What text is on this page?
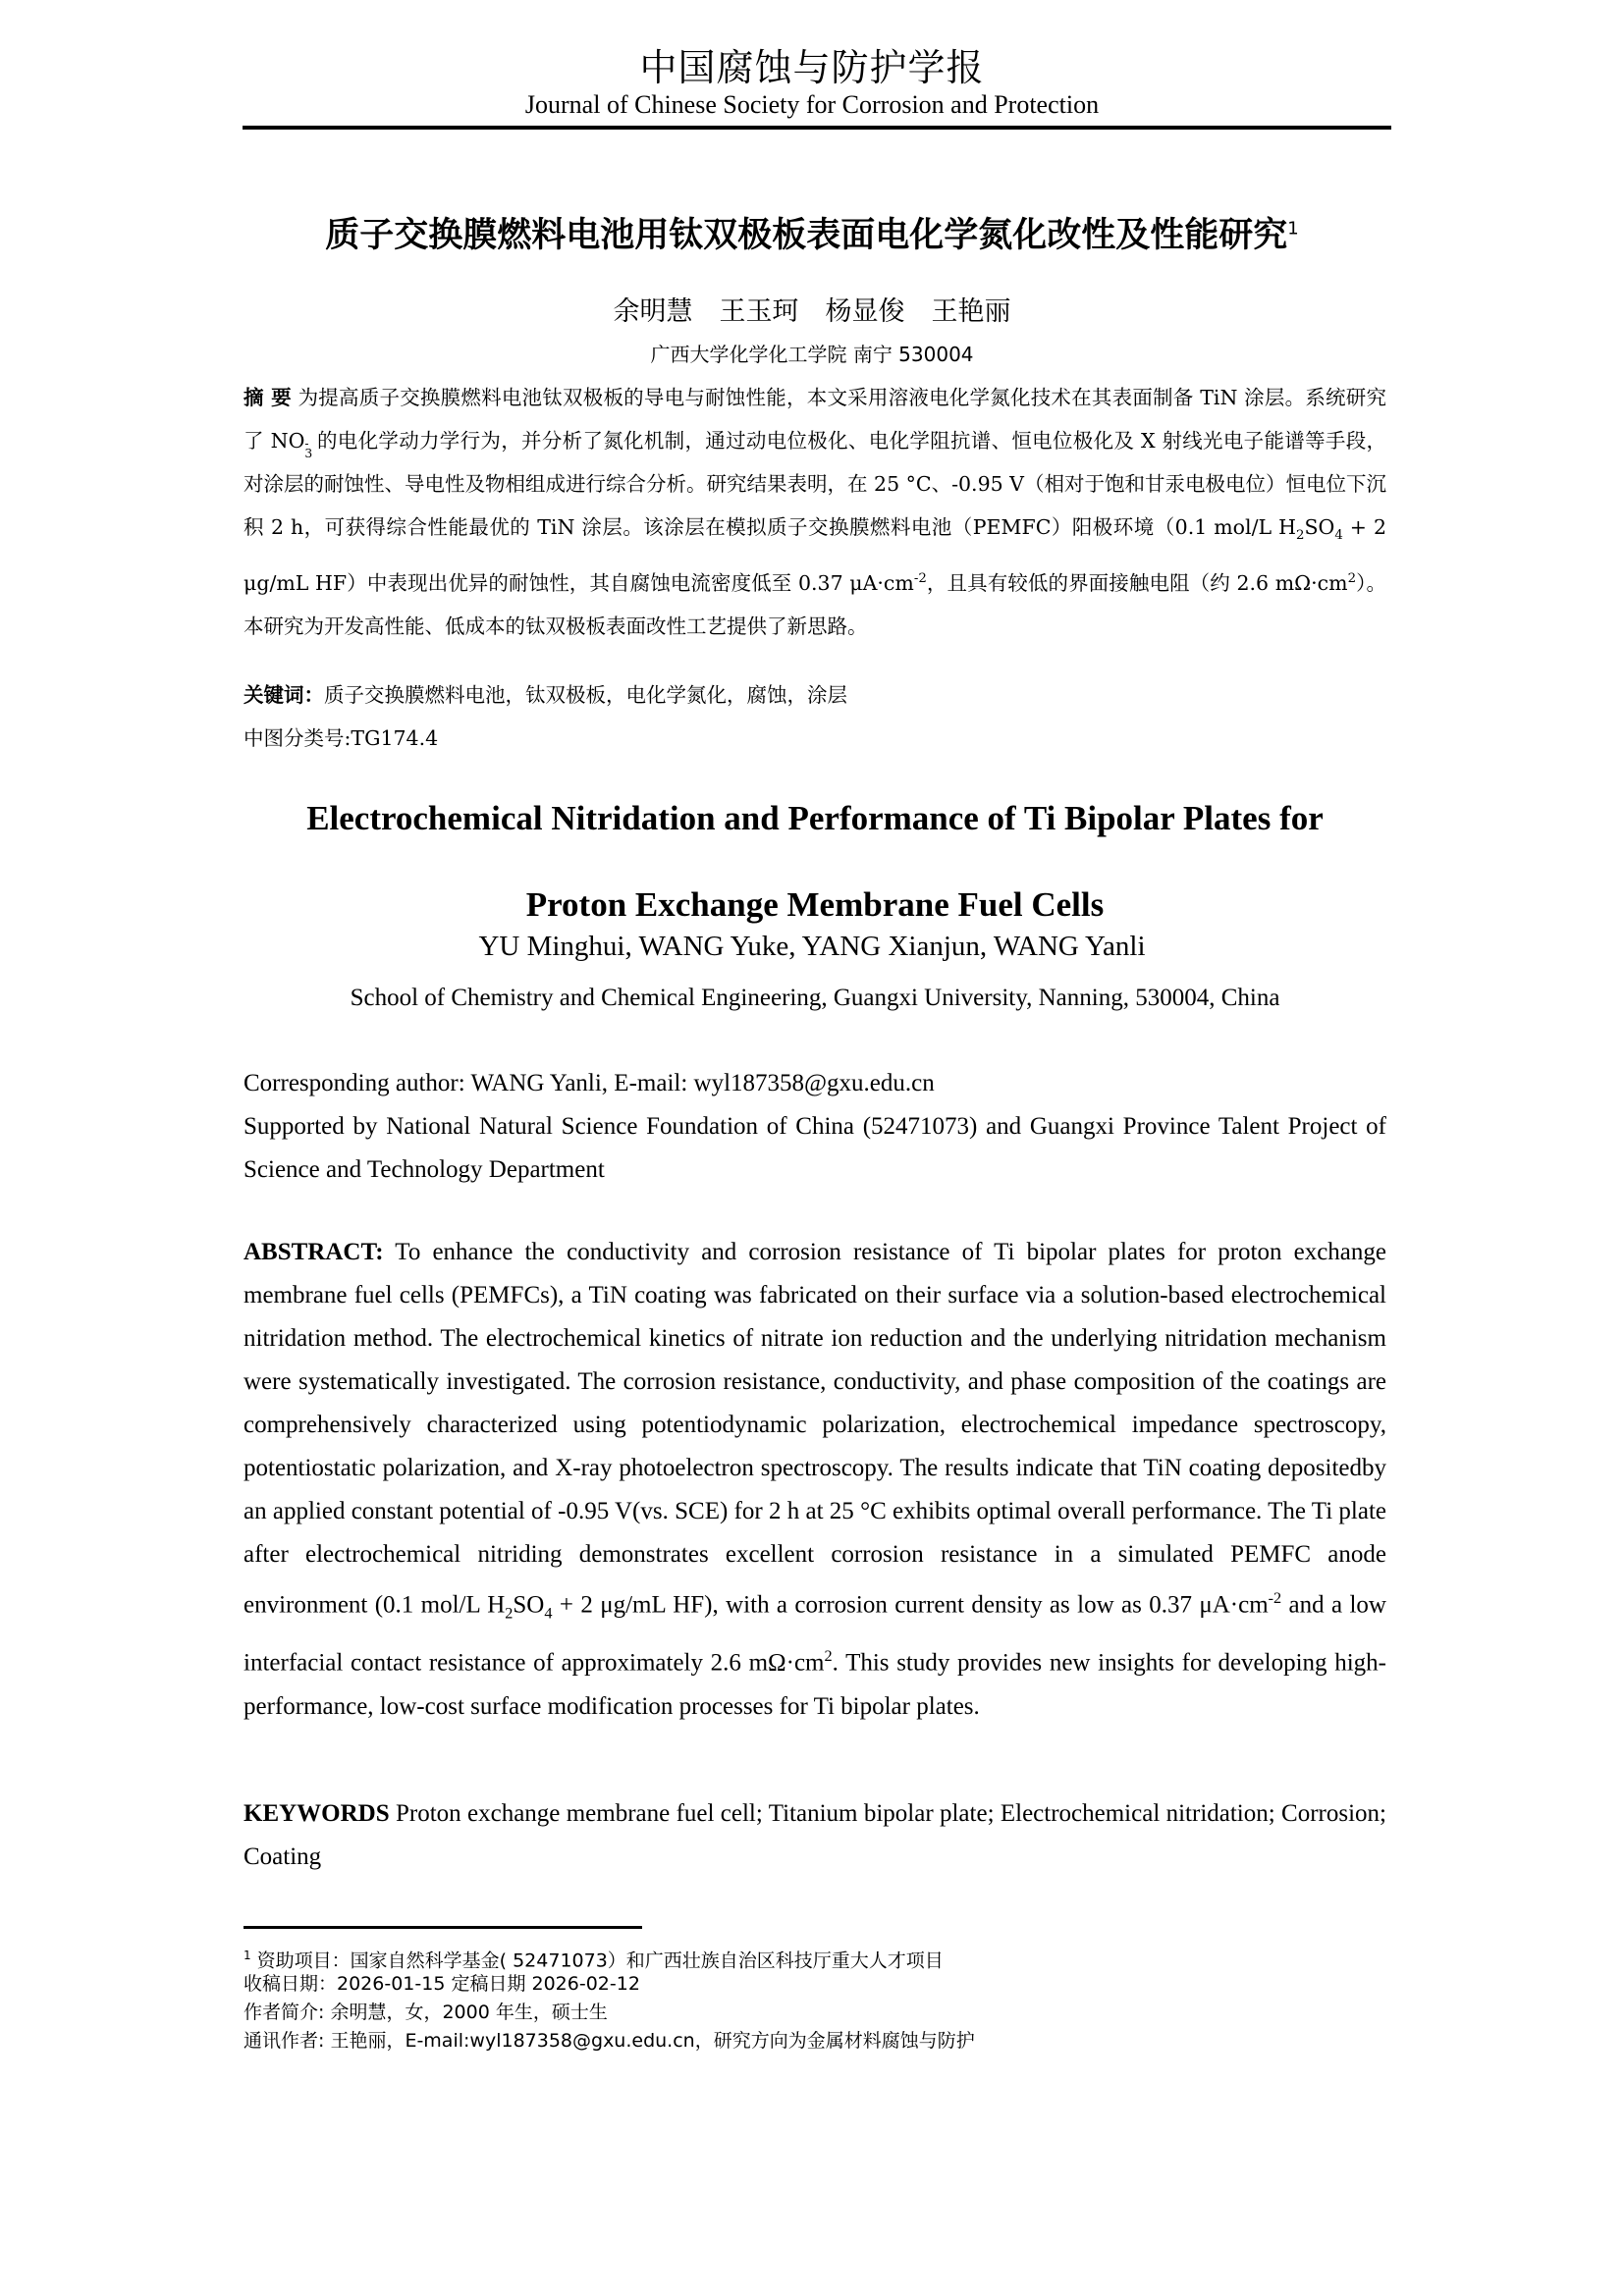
中国腐蚀与防护学报
Journal of Chinese Society for Corrosion and Protection
质子交换膜燃料电池用钛双极板表面电化学氮化改性及性能研究$^1$
余明慧　王玉珂　杨显俊　王艳丽
广西大学化学化工学院 南宁 530004
摘 要 为提高质子交换膜燃料电池钛双极板的导电与耐蚀性能，本文采用溶液电化学氮化技术在其表面制备 TiN 涂层。系统研究了 NO -
3
的电化学动力学行为，并分析了氮化机制，通过动电位极化、电化学阻抗谱、恒电位极化及 X 射线光电子能谱等手段，对涂层的耐蚀性、导电性及物相组成进行综合分析。研究结果表明，在 25 °C、-0.95 V（相对于饱和甘汞电极电位）恒电位下沉积 2 h，可获得综合性能最优的 TiN 涂层。该涂层在模拟质子交换膜燃料电池（PEMFC）阳极环境（0.1 mol/L $H_2SO_4 + 2$ μg/mL HF）中表现出优异的耐蚀性，其自腐蚀电流密度低至 0.37 $\mu A\cdot cm^{-2}$，且具有较低的界面接触电阻（约 2.6 $m\Omega\cdot cm^2$）。本研究为开发高性能、低成本的钛双极板表面改性工艺提供了新思路。
关键词：质子交换膜燃料电池，钛双极板，电化学氮化，腐蚀，涂层
中图分类号:TG174.4
Electrochemical Nitridation and Performance of Ti Bipolar Plates for
Proton Exchange Membrane Fuel Cells
YU Minghui, WANG Yuke, YANG Xianjun, WANG Yanli
School of Chemistry and Chemical Engineering, Guangxi University, Nanning, 530004, China
Corresponding author: WANG Yanli, E-mail: wyl187358@gxu.edu.cn
Supported by National Natural Science Foundation of China (52471073) and Guangxi Province Talent Project of Science and Technology Department
ABSTRACT: To enhance the conductivity and corrosion resistance of Ti bipolar plates for proton exchange membrane fuel cells (PEMFCs), a TiN coating was fabricated on their surface via a solution-based electrochemical nitridation method. The electrochemical kinetics of nitrate ion reduction and the underlying nitridation mechanism were systematically investigated. The corrosion resistance, conductivity, and phase composition of the coatings are comprehensively characterized using potentiodynamic polarization, electrochemical impedance spectroscopy, potentiostatic polarization, and X-ray photoelectron spectroscopy. The results indicate that TiN coating depositedby an applied constant potential of -0.95 V(vs. SCE) for 2 h at 25 °C exhibits optimal overall performance. The Ti plate after electrochemical nitriding demonstrates excellent corrosion resistance in a simulated PEMFC anode environment (0.1 mol/L $H_2SO_4 + 2$ μg/mL HF), with a corrosion current density as low as 0.37 $\mu A\cdot cm^{-2}$ and a low interfacial contact resistance of approximately 2.6 $m\Omega\cdot cm^2$. This study provides new insights for developing high-performance, low-cost surface modification processes for Ti bipolar plates.
KEYWORDS Proton exchange membrane fuel cell; Titanium bipolar plate; Electrochemical nitridation; Corrosion; Coating
$^1$ 资助项目：国家自然科学基金( 52471073）和广西壮族自治区科技厅重大人才项目
收稿日期：2026-01-15 定稿日期 2026-02-12
作者简介: 余明慧，女，2000 年生，硕士生
通讯作者: 王艳丽，E-mail:wyl187358@gxu.edu.cn，研究方向为金属材料腐蚀与防护
